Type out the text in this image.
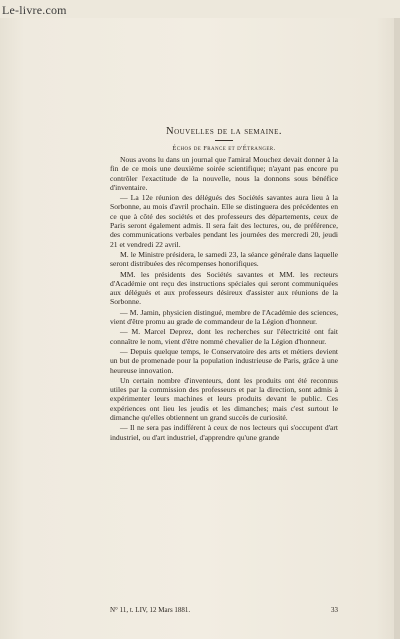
Le-livre.com
Nouvelles de la semaine.
Échos de France et d'Étranger.

Nous avons lu dans un journal que l'amiral Mouchez devait donner à la fin de ce mois une deuxième soirée scientifique; n'ayant pas encore pu contrôler l'exactitude de la nouvelle, nous la donnons sous bénéfice d'inventaire.

— La 12e réunion des délégués des Sociétés savantes aura lieu à la Sorbonne, au mois d'avril prochain. Elle se distinguera des précédentes en ce que à côté des sociétés et des professeurs des départements, ceux de Paris seront également admis. Il sera fait des lectures, ou, de préférence, des communications verbales pendant les journées des mercredi 20, jeudi 21 et vendredi 22 avril.

M. le Ministre présidera, le samedi 23, la séance générale dans laquelle seront distribuées des récompenses honorifiques.

MM. les présidents des Sociétés savantes et MM. les recteurs d'Académie ont reçu des instructions spéciales qui seront communiquées aux délégués et aux professeurs désireux d'assister aux réunions de la Sorbonne.

— M. Jamin, physicien distingué, membre de l'Académie des sciences, vient d'être promu au grade de commandeur de la Légion d'honneur.

— M. Marcel Deprez, dont les recherches sur l'électricité ont fait connaître le nom, vient d'être nommé chevalier de la Légion d'honneur.

— Depuis quelque temps, le Conservatoire des arts et métiers devient un but de promenade pour la population industrieuse de Paris, grâce à une heureuse innovation.

Un certain nombre d'inventeurs, dont les produits ont été reconnus utiles par la commission des professeurs et par la direction, sont admis à expérimenter leurs machines et leurs produits devant le public. Ces expériences ont lieu les jeudis et les dimanches; mais c'est surtout le dimanche qu'elles obtiennent un grand succès de curiosité.

— Il ne sera pas indifférent à ceux de nos lecteurs qui s'occupent d'art industriel, ou d'art industriel, d'apprendre qu'une grande

N° 11, t. LIV, 12 Mars 1881.	33
